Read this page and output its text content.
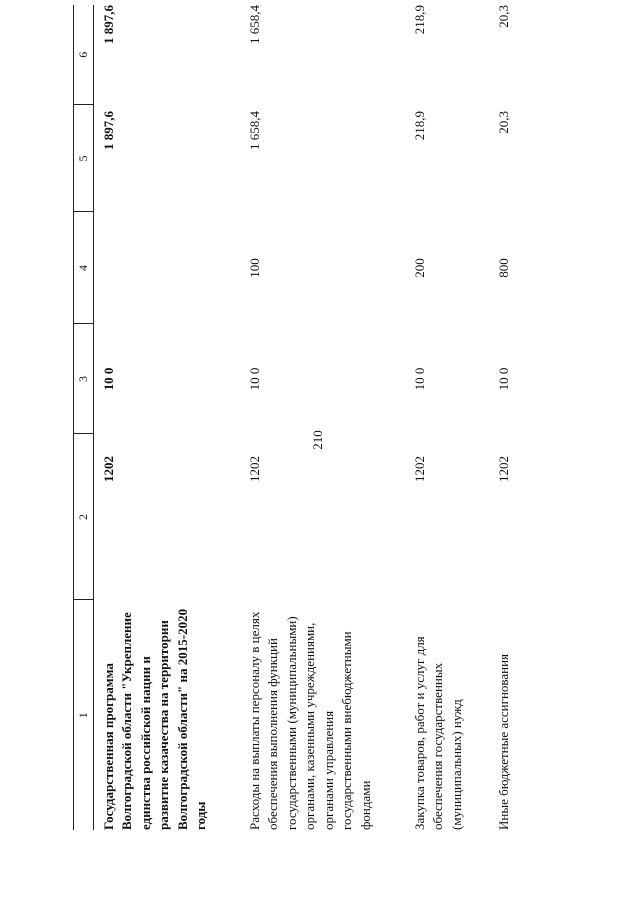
210
1	2	3	4	5	6
Государственная программа Волгоградской области "Укрепление единства российской нации и развитие казачества на территории Волгоградской области" на 2015-2020 годы	1202	10 0		1 897,6	1 897,6
Расходы на выплаты персоналу в целях обеспечения выполнения функций государственными (муниципальными) органами, казенными учреждениями, органами управления государственными внебюджетными фондами	1202	10 0	100	1 658,4	1 658,4
Закупка товаров, работ и услуг для обеспечения государственных (муниципальных) нужд	1202	10 0	200	218,9	218,9
Иные бюджетные ассигнования	1202	10 0	800	20,3	20,3
